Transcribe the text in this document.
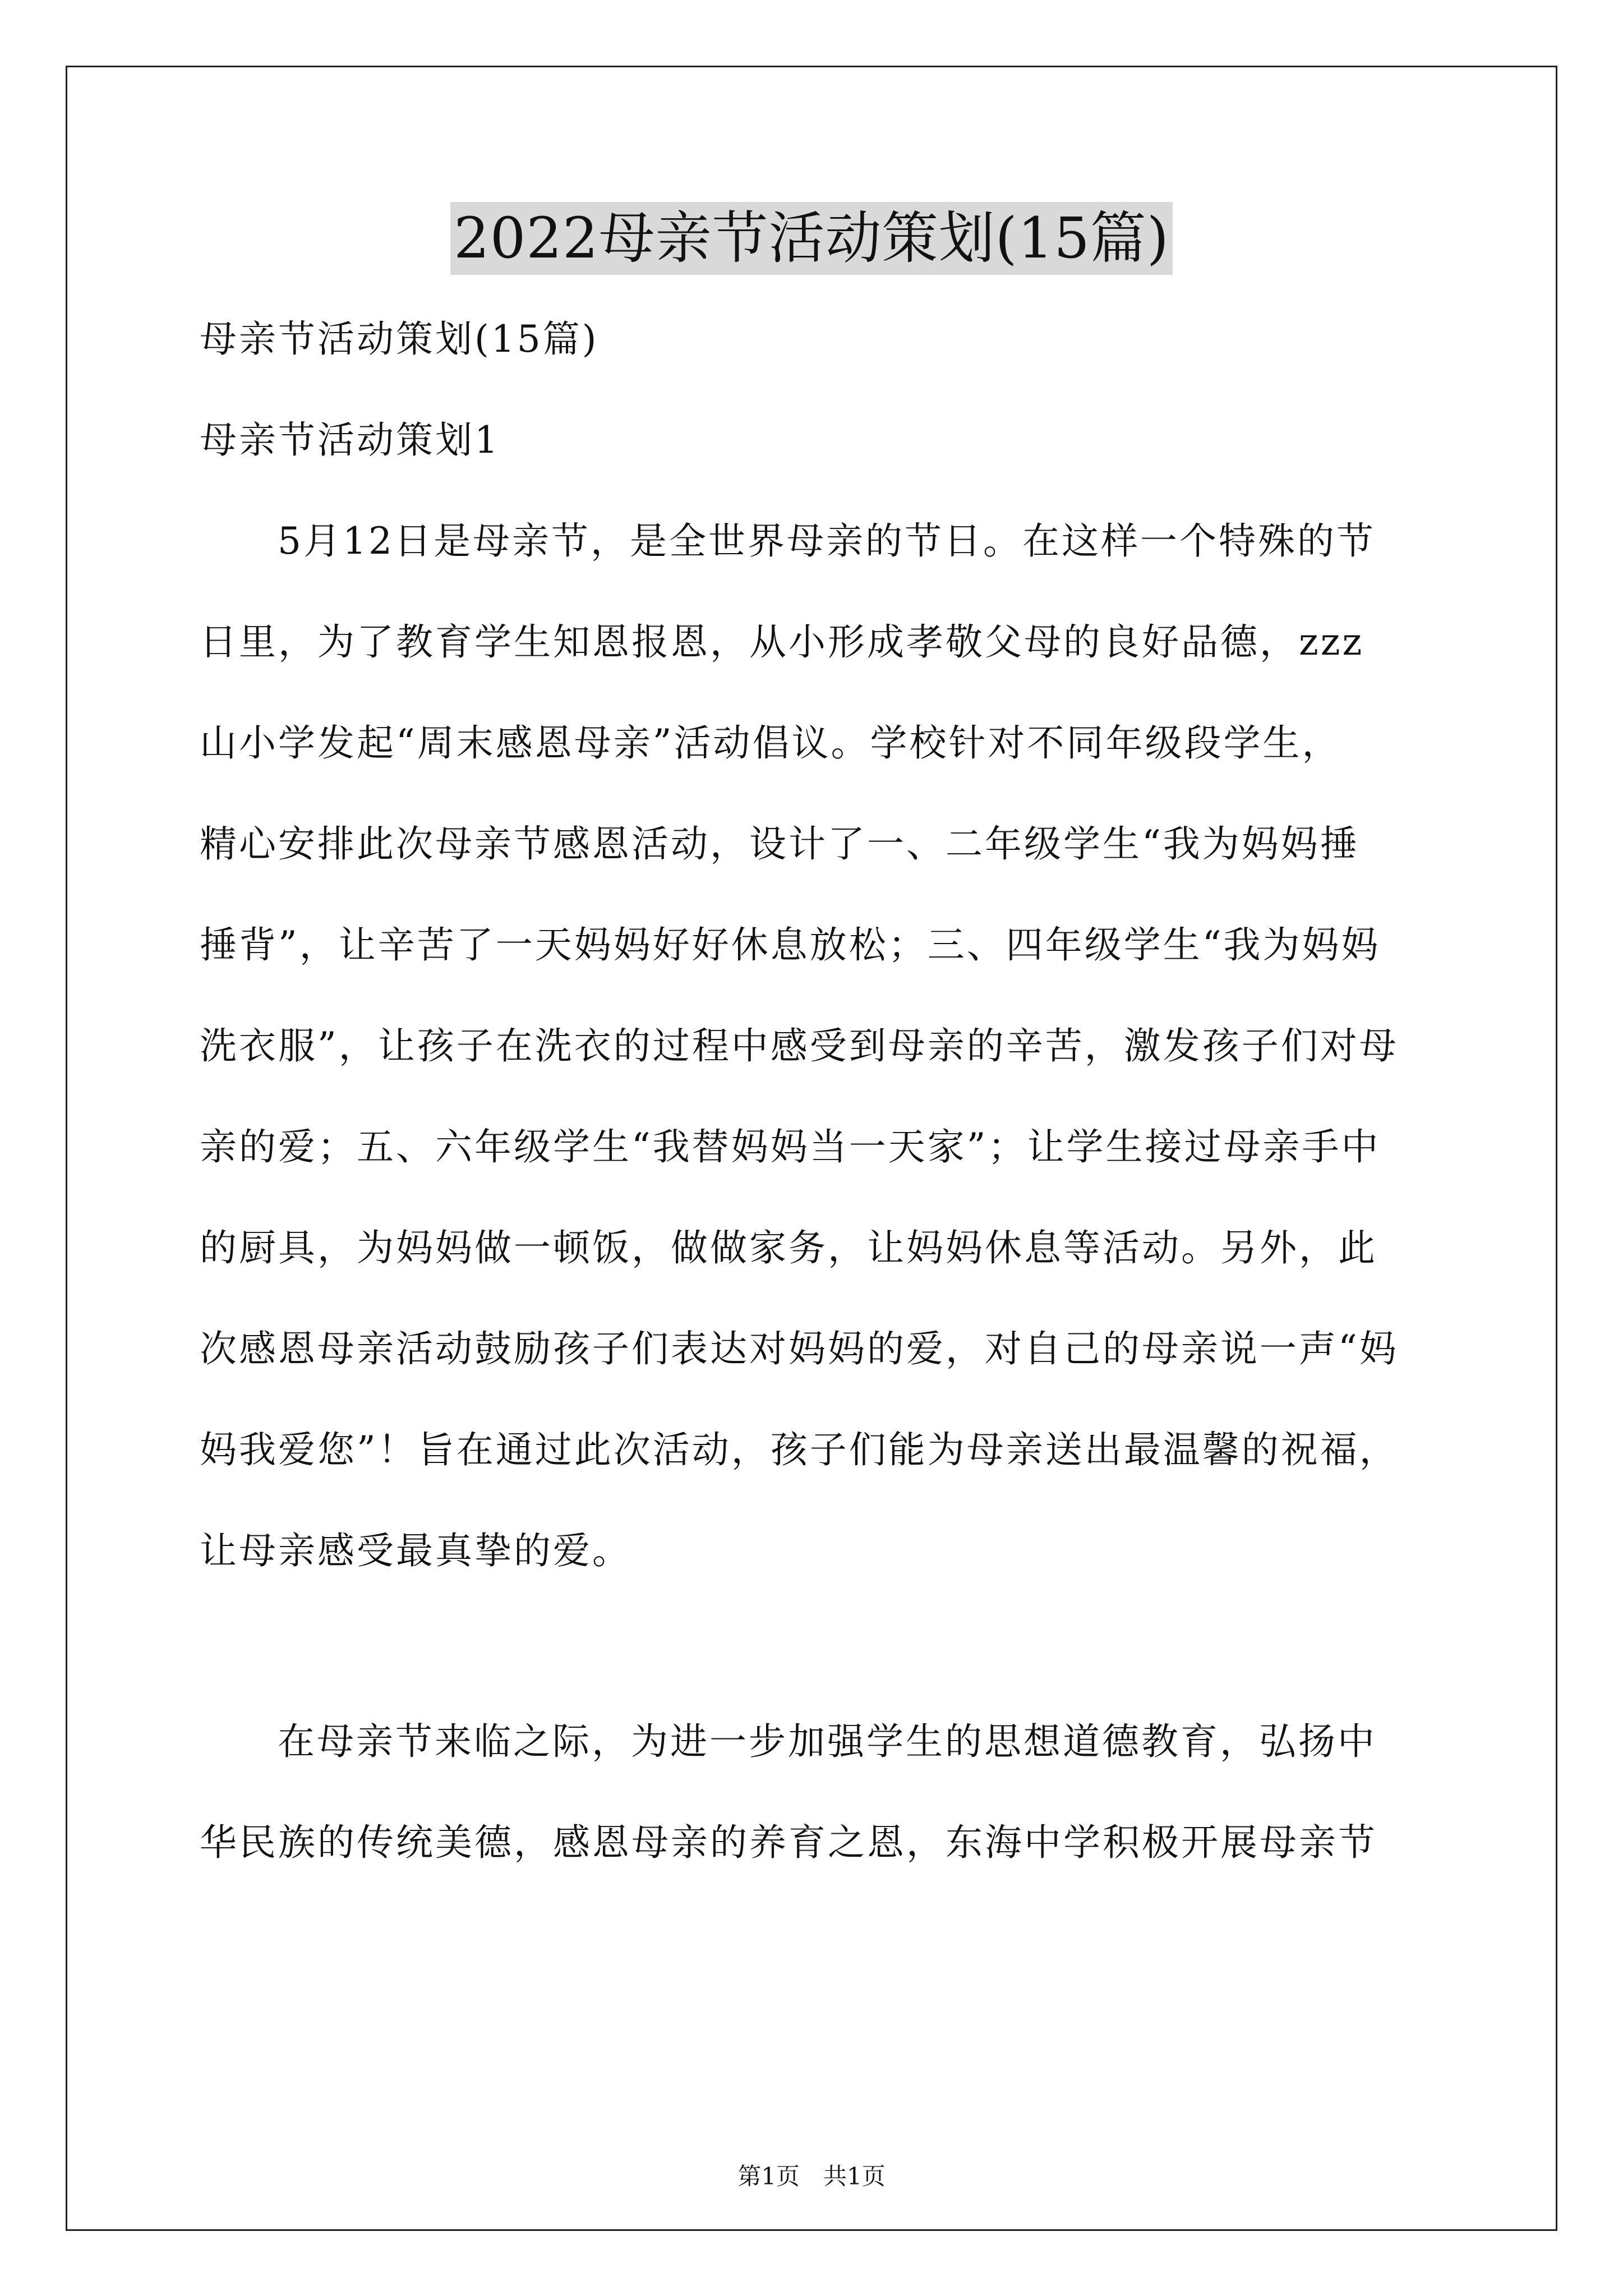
2022母亲节活动策划(15篇)
母亲节活动策划(15篇)
母亲节活动策划1
5月12日是母亲节，是全世界母亲的节日。在这样一个特殊的节
日里，为了教育学生知恩报恩，从小形成孝敬父母的良好品德，zzz
山小学发起“周末感恩母亲”活动倡议。学校针对不同年级段学生，
精心安排此次母亲节感恩活动，设计了一、二年级学生“我为妈妈捶
捶背”，让辛苦了一天妈妈好好休息放松；三、四年级学生“我为妈妈
洗衣服”，让孩子在洗衣的过程中感受到母亲的辛苦，激发孩子们对母
亲的爱；五、六年级学生“我替妈妈当一天家”；让学生接过母亲手中
的厨具，为妈妈做一顿饭，做做家务，让妈妈休息等活动。另外，此
次感恩母亲活动鼓励孩子们表达对妈妈的爱，对自己的母亲说一声“妈
妈我爱您”！旨在通过此次活动，孩子们能为母亲送出最温馨的祝福，
让母亲感受最真挚的爱。
在母亲节来临之际，为进一步加强学生的思想道德教育，弘扬中
华民族的传统美德，感恩母亲的养育之恩，东海中学积极开展母亲节
第1页　共1页
